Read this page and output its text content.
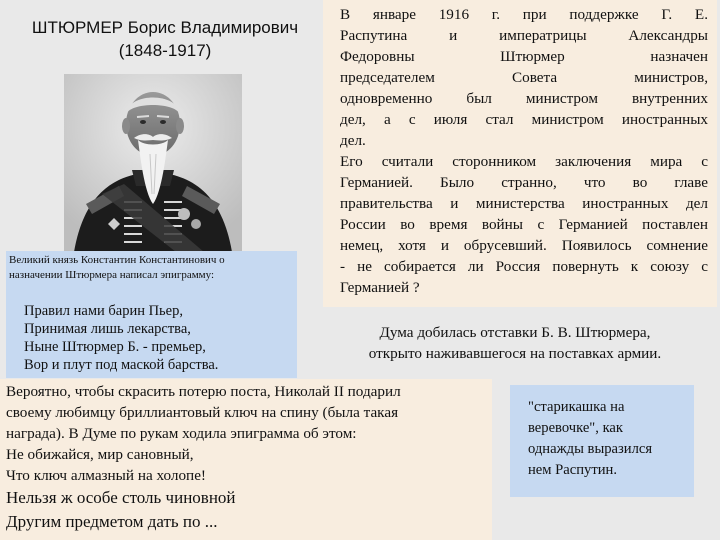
ШТЮРМЕР Борис Владимирович
(1848-1917)
Великий князь Константин Константинович о
назначении Штюрмера написал эпиграмму:
Правил нами барин Пьер,
Принимая лишь лекарства,
Ныне Штюрмер Б. - премьер,
Вор и плут под маской барства.
В январе 1916 г. при поддержке Г. Е.
Распутина и императрицы Александры
Федоровны Штюрмер назначен
председателем Совета министров,
одновременно был министром внутренних
дел, а с июля стал министром иностранных
дел.
Его считали сторонником заключения мира с
Германией. Было странно, что во главе
правительства и министерства иностранных дел
России во время войны с Германией поставлен
немец, хотя и обрусевший. Появилось сомнение
- не собирается ли Россия повернуть к союзу с
Германией ?
Дума добилась отставки Б. В. Штюрмера,
открыто наживавшегося на поставках армии.
Вероятно, чтобы скрасить потерю поста, Николай II подарил
своему любимцу бриллиантовый ключ на спину (была такая
награда). В Думе по рукам ходила эпиграмма об этом:
Не обижайся, мир сановный,
Что ключ алмазный на холопе!
Нельзя ж особе столь чиновной
Другим предметом дать по ...
"старикашка на
веревочке", как
однажды выразился
нем Распутин.
